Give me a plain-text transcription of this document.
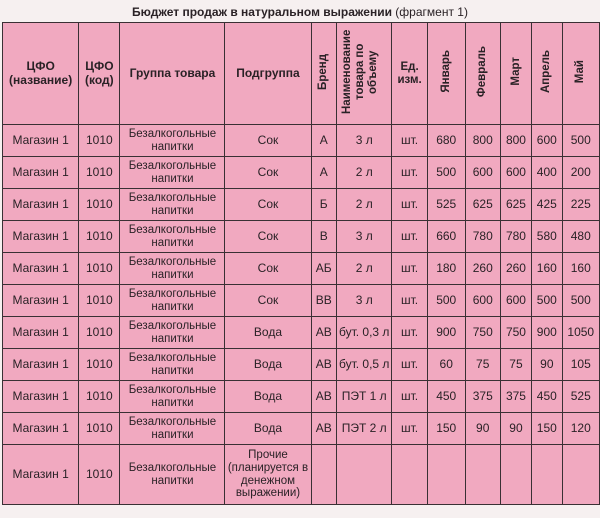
Бюджет продаж в натуральном выражении (фрагмент 1)
ЦФО (название)	ЦФО (код)	Группа товара	Подгруппа	Бренд	Наименование товара по объему	Ед. изм.	Январь	Февраль	Март	Апрель	Май
Магазин 1	1010	Безалкогольные напитки	Сок	А	3 л	шт.	680	800	800	600	500
Магазин 1	1010	Безалкогольные напитки	Сок	А	2 л	шт.	500	600	600	400	200
Магазин 1	1010	Безалкогольные напитки	Сок	Б	2 л	шт.	525	625	625	425	225
Магазин 1	1010	Безалкогольные напитки	Сок	В	3 л	шт.	660	780	780	580	480
Магазин 1	1010	Безалкогольные напитки	Сок	АБ	2 л	шт.	180	260	260	160	160
Магазин 1	1010	Безалкогольные напитки	Сок	ВВ	3 л	шт.	500	600	600	500	500
Магазин 1	1010	Безалкогольные напитки	Вода	АВ	бут. 0,3 л	шт.	900	750	750	900	1050
Магазин 1	1010	Безалкогольные напитки	Вода	АВ	бут. 0,5 л	шт.	60	75	75	90	105
Магазин 1	1010	Безалкогольные напитки	Вода	АВ	ПЭТ 1 л	шт.	450	375	375	450	525
Магазин 1	1010	Безалкогольные напитки	Вода	АВ	ПЭТ 2 л	шт.	150	90	90	150	120
Магазин 1	1010	Безалкогольные напитки	Прочие (планируется в денежном выражении)								
